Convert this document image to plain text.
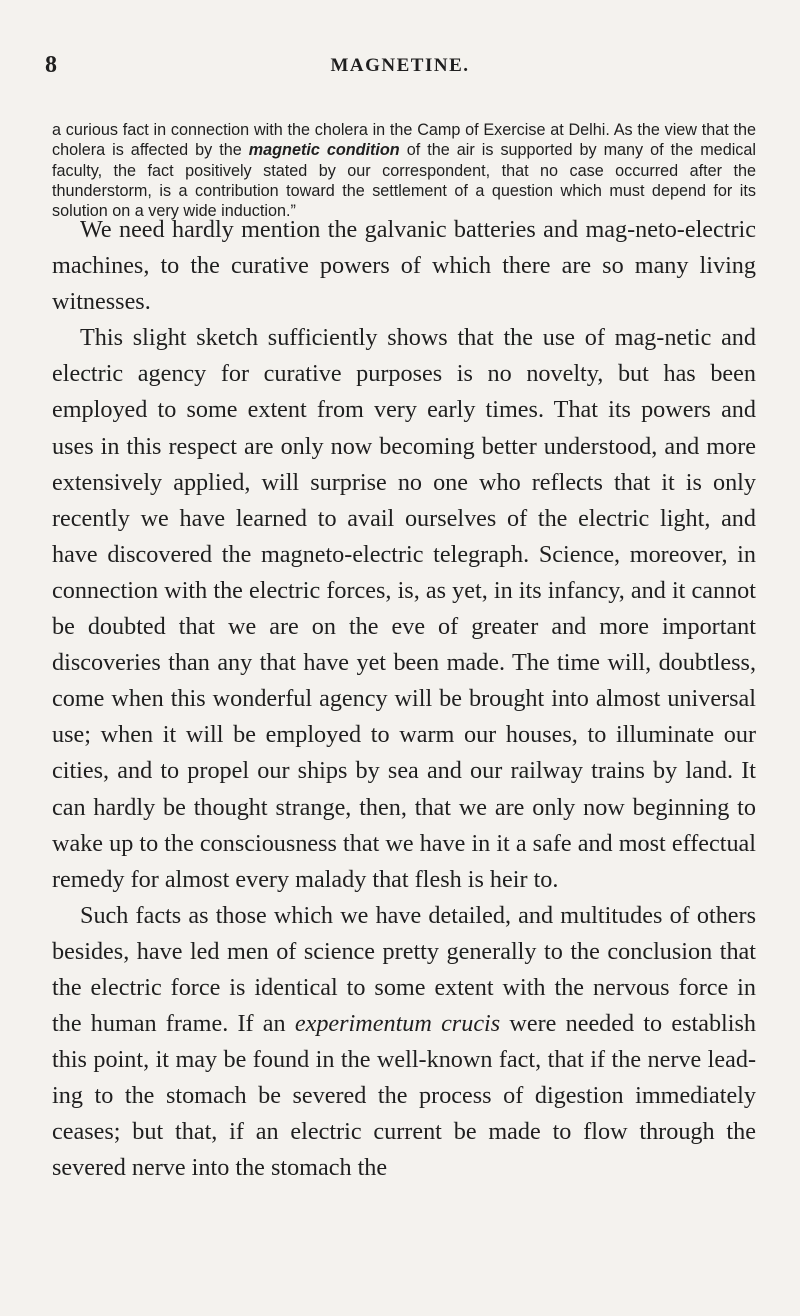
8	MAGNETINE.

a curious fact in connection with the cholera in the Camp of Exercise at Delhi. As the view that the cholera is affected by the magnetic condition of the air is supported by many of the medical faculty, the fact positively stated by our correspondent, that no case occurred after the thunderstorm, is a contribution toward the settlement of a question which must depend for its solution on a very wide induction.”

We need hardly mention the galvanic batteries and mag-neto-electric machines, to the curative powers of which there are so many living witnesses.

This slight sketch sufficiently shows that the use of mag-netic and electric agency for curative purposes is no novelty, but has been employed to some extent from very early times. That its powers and uses in this respect are only now becoming better understood, and more extensively applied, will surprise no one who reflects that it is only recently we have learned to avail ourselves of the electric light, and have discovered the magneto-electric telegraph. Science, moreover, in connection with the electric forces, is, as yet, in its infancy, and it cannot be doubted that we are on the eve of greater and more important discoveries than any that have yet been made. The time will, doubtless, come when this wonderful agency will be brought into almost universal use; when it will be employed to warm our houses, to illuminate our cities, and to propel our ships by sea and our railway trains by land. It can hardly be thought strange, then, that we are only now beginning to wake up to the consciousness that we have in it a safe and most effectual remedy for almost every malady that flesh is heir to.

Such facts as those which we have detailed, and multitudes of others besides, have led men of science pretty generally to the conclusion that the electric force is identical to some extent with the nervous force in the human frame. If an experimentum crucis were needed to establish this point, it may be found in the well-known fact, that if the nerve lead-ing to the stomach be severed the process of digestion immediately ceases; but that, if an electric current be made to flow through the severed nerve into the stomach the
